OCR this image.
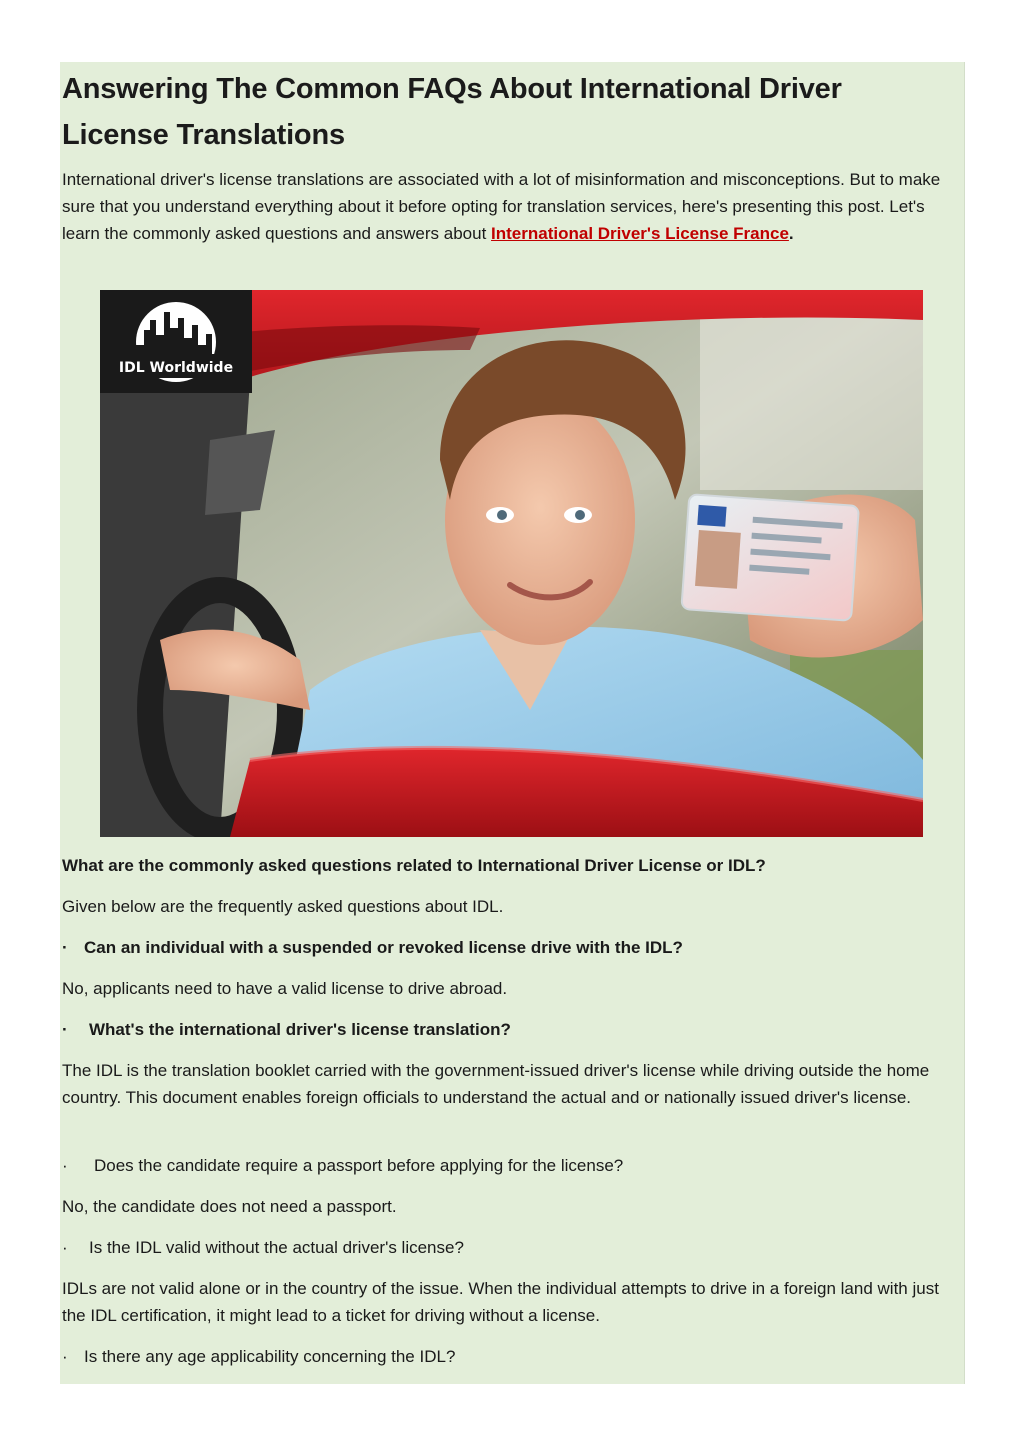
Answering The Common FAQs About International Driver License Translations

International driver's license translations are associated with a lot of misinformation and misconceptions. But to make sure that you understand everything about it before opting for translation services, here's presenting this post. Let's learn the commonly asked questions and answers about International Driver's License France.

IDL Worldwide

What are the commonly asked questions related to International Driver License or IDL?

Given below are the frequently asked questions about IDL.

· Can an individual with a suspended or revoked license drive with the IDL?

No, applicants need to have a valid license to drive abroad.

· What's the international driver's license translation?

The IDL is the translation booklet carried with the government-issued driver's license while driving outside the home country. This document enables foreign officials to understand the actual and or nationally issued driver's license.

· Does the candidate require a passport before applying for the license?

No, the candidate does not need a passport.

· Is the IDL valid without the actual driver's license?

IDLs are not valid alone or in the country of the issue. When the individual attempts to drive in a foreign land with just the IDL certification, it might lead to a ticket for driving without a license.

· Is there any age applicability concerning the IDL?
